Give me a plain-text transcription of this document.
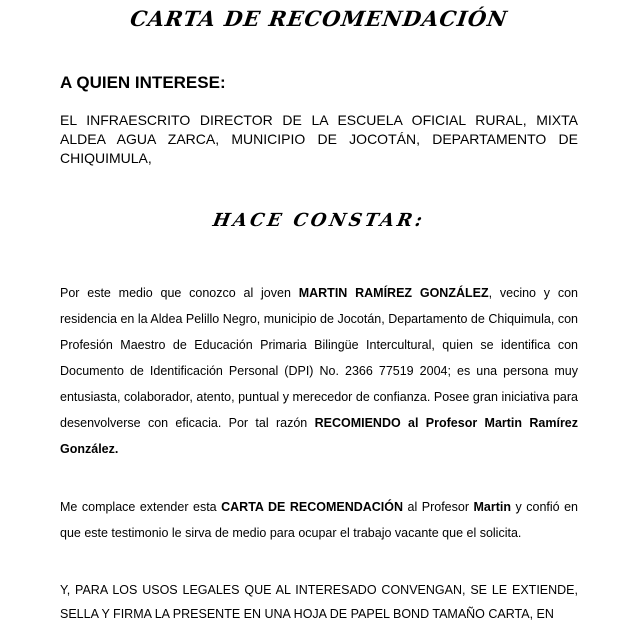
CARTA DE RECOMENDACIÓN
A QUIEN INTERESE:

EL INFRAESCRITO DIRECTOR DE LA ESCUELA OFICIAL RURAL, MIXTA ALDEA AGUA ZARCA, MUNICIPIO DE JOCOTÁN, DEPARTAMENTO DE CHIQUIMULA,

HACE CONSTAR:

Por este medio que conozco al joven MARTIN RAMÍREZ GONZÁLEZ, vecino y con residencia en la Aldea Pelillo Negro, municipio de Jocotán, Departamento de Chiquimula, con Profesión Maestro de Educación Primaria Bilingüe Intercultural, quien se identifica con Documento de Identificación Personal (DPI) No. 2366 77519 2004; es una persona muy entusiasta, colaborador, atento, puntual y merecedor de confianza. Posee gran iniciativa para desenvolverse con eficacia. Por tal razón RECOMIENDO al Profesor Martin Ramírez González.

Me complace extender esta CARTA DE RECOMENDACIÓN al Profesor Martin y confió en que este testimonio le sirva de medio para ocupar el trabajo vacante que el solicita.

Y, PARA LOS USOS LEGALES QUE AL INTERESADO CONVENGAN, SE LE EXTIENDE, SELLA Y FIRMA LA PRESENTE EN UNA HOJA DE PAPEL BOND TAMAÑO CARTA, EN
